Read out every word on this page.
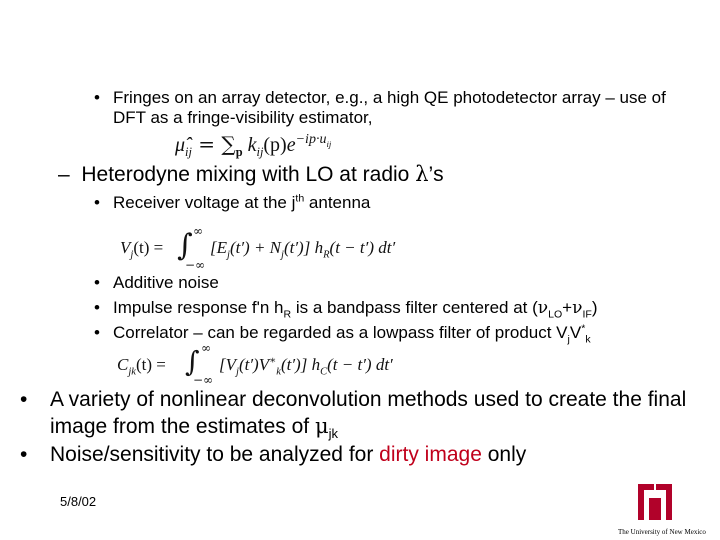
• Fringes on an array detector, e.g., a high QE photodetector array – use of DFT as a fringe-visibility estimator,
$\mû_{ij} = \sum_p$ $k_{ij}(p)e^{-ip\cdot u_{ij}}$
– Heterodyne mixing with LO at radio λ’s
• Receiver voltage at the $j^{th}$ antenna
$V_j(t)$ = ∫ ∞
−∞
$[E_j(t') + N_j(t')] h_R(t - t')$ dt′
• Additive noise
• Impulse response f'n $h_R$ is a bandpass filter centered at $(\nu_{LO}+\nu_{IF})$
• Correlator – can be regarded as a lowpass filter of product $V_jV^*_k$
$C_{jk}(t)$ = ∫ ∞
−∞
$[V_j(t')V^∗_k(t')] h_C(t - t')$ dt′
• A variety of nonlinear deconvolution methods used to create the final image from the estimates of $\mu_{jk}$
• Noise/sensitivity to be analyzed for dirty image only
5/8/02
The University of New Mexico
